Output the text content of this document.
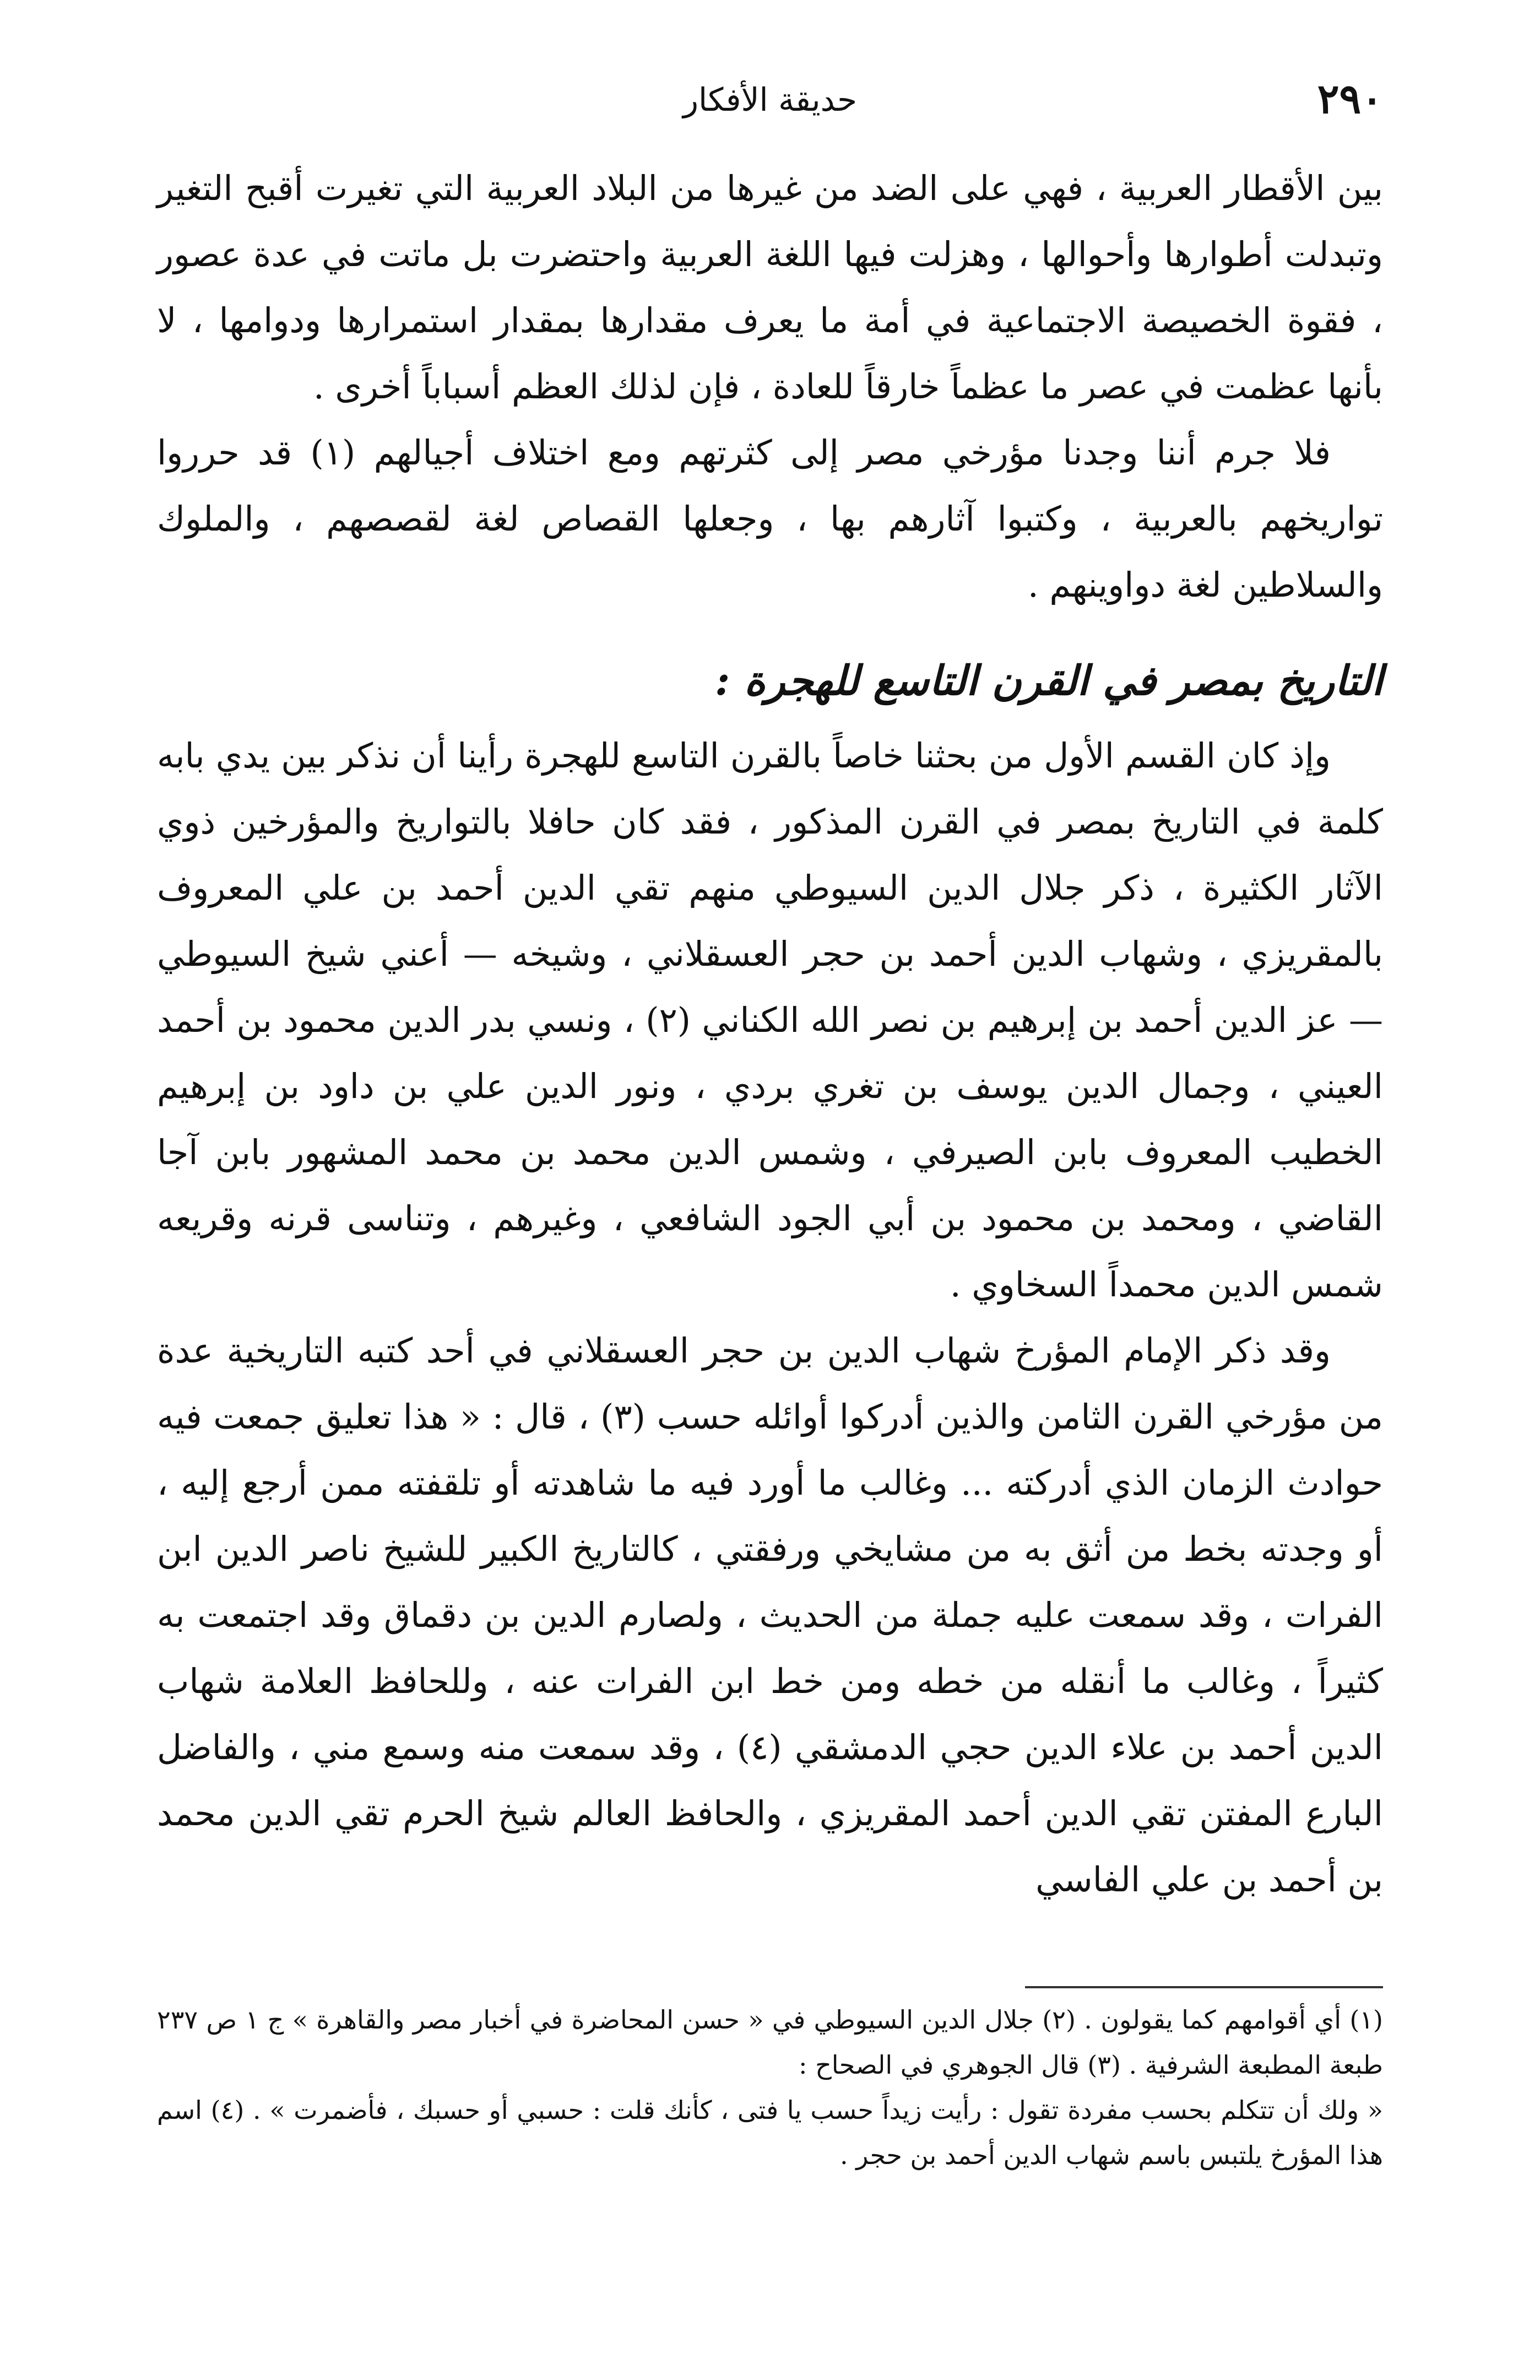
٢٩٠
حديقة الأفكار

بين الأقطار العربية ، فهي على الضد من غيرها من البلاد العربية التي تغيرت أقبح التغير وتبدلت أطوارها وأحوالها ، وهزلت فيها اللغة العربية واحتضرت بل ماتت في عدة عصور ، فقوة الخصيصة الاجتماعية في أمة ما يعرف مقدارها بمقدار استمرارها ودوامها ، لا بأنها عظمت في عصر ما عظماً خارقاً للعادة ، فإن لذلك العظم أسباباً أخرى .

فلا جرم أننا وجدنا مؤرخي مصر إلى كثرتهم ومع اختلاف أجيالهم (١) قد حرروا تواريخهم بالعربية ، وكتبوا آثارهم بها ، وجعلها القصاص لغة لقصصهم ، والملوك والسلاطين لغة دواوينهم .

التاريخ بمصر في القرن التاسع للهجرة :

وإذ كان القسم الأول من بحثنا خاصاً بالقرن التاسع للهجرة رأينا أن نذكر بين يدي بابه كلمة في التاريخ بمصر في القرن المذكور ، فقد كان حافلا بالتواريخ والمؤرخين ذوي الآثار الكثيرة ، ذكر جلال الدين السيوطي منهم تقي الدين أحمد بن علي المعروف بالمقريزي ، وشهاب الدين أحمد بن حجر العسقلاني ، وشيخه — أعني شيخ السيوطي — عز الدين أحمد بن إبرهيم بن نصر الله الكناني (٢) ، ونسي بدر الدين محمود بن أحمد العيني ، وجمال الدين يوسف بن تغري بردي ، ونور الدين علي بن داود بن إبرهيم الخطيب المعروف بابن الصيرفي ، وشمس الدين محمد بن محمد المشهور بابن آجا القاضي ، ومحمد بن محمود بن أبي الجود الشافعي ، وغيرهم ، وتناسى قرنه وقريعه شمس الدين محمداً السخاوي .

وقد ذكر الإمام المؤرخ شهاب الدين بن حجر العسقلاني في أحد كتبه التاريخية عدة من مؤرخي القرن الثامن والذين أدركوا أوائله حسب (٣) ، قال : « هذا تعليق جمعت فيه حوادث الزمان الذي أدركته ... وغالب ما أورد فيه ما شاهدته أو تلقفته ممن أرجع إليه ، أو وجدته بخط من أثق به من مشايخي ورفقتي ، كالتاريخ الكبير للشيخ ناصر الدين ابن الفرات ، وقد سمعت عليه جملة من الحديث ، ولصارم الدين بن دقماق وقد اجتمعت به كثيراً ، وغالب ما أنقله من خطه ومن خط ابن الفرات عنه ، وللحافظ العلامة شهاب الدين أحمد بن علاء الدين حجي الدمشقي (٤) ، وقد سمعت منه وسمع مني ، والفاضل البارع المفتن تقي الدين أحمد المقريزي ، والحافظ العالم شيخ الحرم تقي الدين محمد بن أحمد بن علي الفاسي

(١) أي أقوامهم كما يقولون . (٢) جلال الدين السيوطي في « حسن المحاضرة في أخبار مصر والقاهرة » ج ١ ص ٢٣٧ طبعة المطبعة الشرفية . (٣) قال الجوهري في الصحاح :

« ولك أن تتكلم بحسب مفردة تقول : رأيت زيداً حسب يا فتى ، كأنك قلت : حسبي أو حسبك ، فأضمرت » . (٤) اسم هذا المؤرخ يلتبس باسم شهاب الدين أحمد بن حجر .
